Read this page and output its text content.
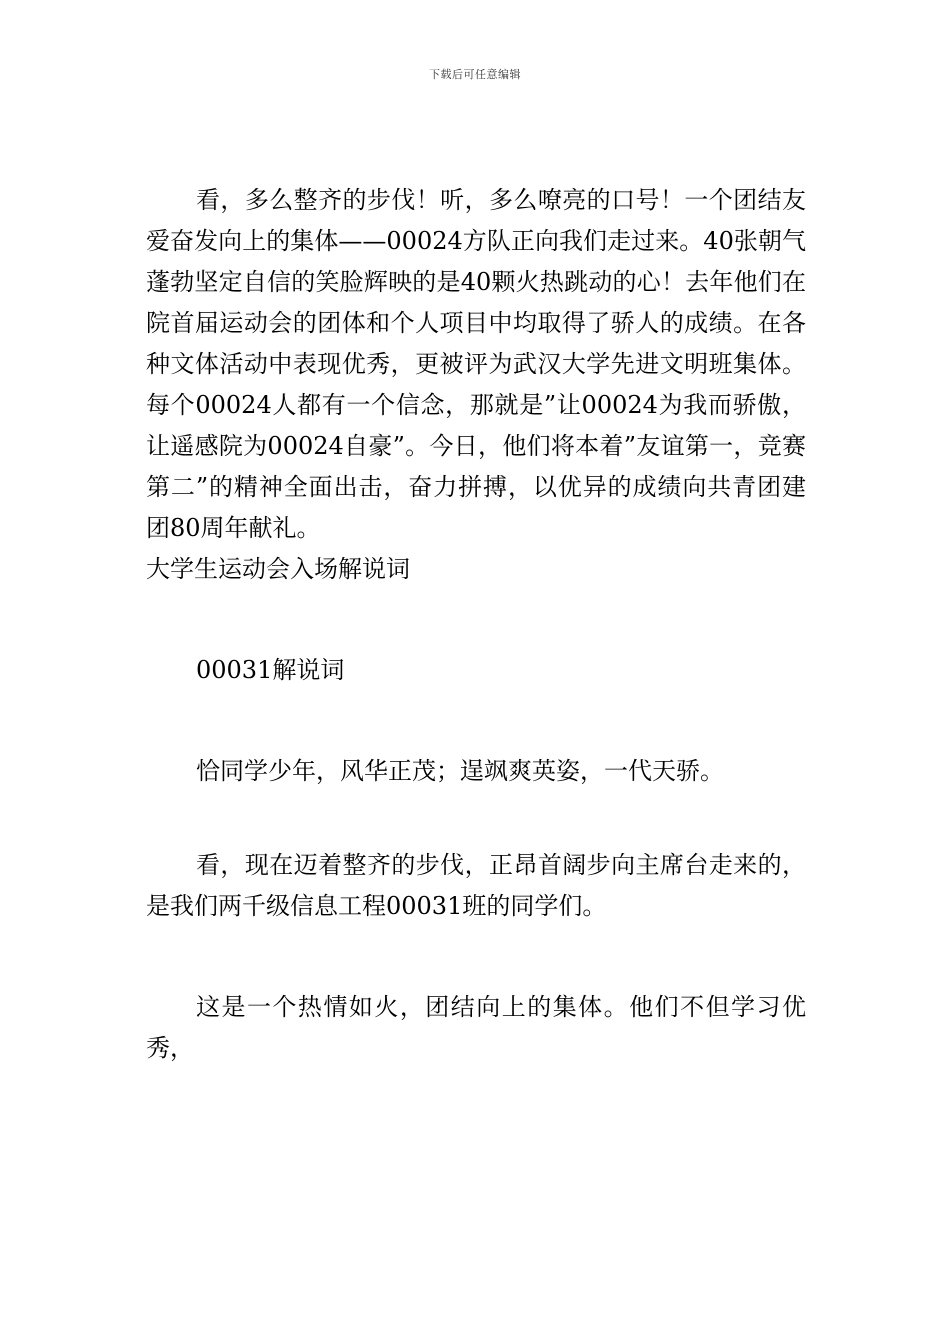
下载后可任意编辑

看，多么整齐的步伐！听，多么嘹亮的口号！一个团结友爱奋发向上的集体——00024方队正向我们走过来。40张朝气蓬勃坚定自信的笑脸辉映的是40颗火热跳动的心！去年他们在院首届运动会的团体和个人项目中均取得了骄人的成绩。在各种文体活动中表现优秀，更被评为武汉大学先进文明班集体。每个00024人都有一个信念，那就是”让00024为我而骄傲，让遥感院为00024自豪”。今日，他们将本着”友谊第一，竞赛第二”的精神全面出击，奋力拼搏，以优异的成绩向共青团建团80周年献礼。

大学生运动会入场解说词

00031解说词

恰同学少年，风华正茂；逞飒爽英姿，一代天骄。

看，现在迈着整齐的步伐，正昂首阔步向主席台走来的，是我们两千级信息工程00031班的同学们。

这是一个热情如火，团结向上的集体。他们不但学习优秀，
